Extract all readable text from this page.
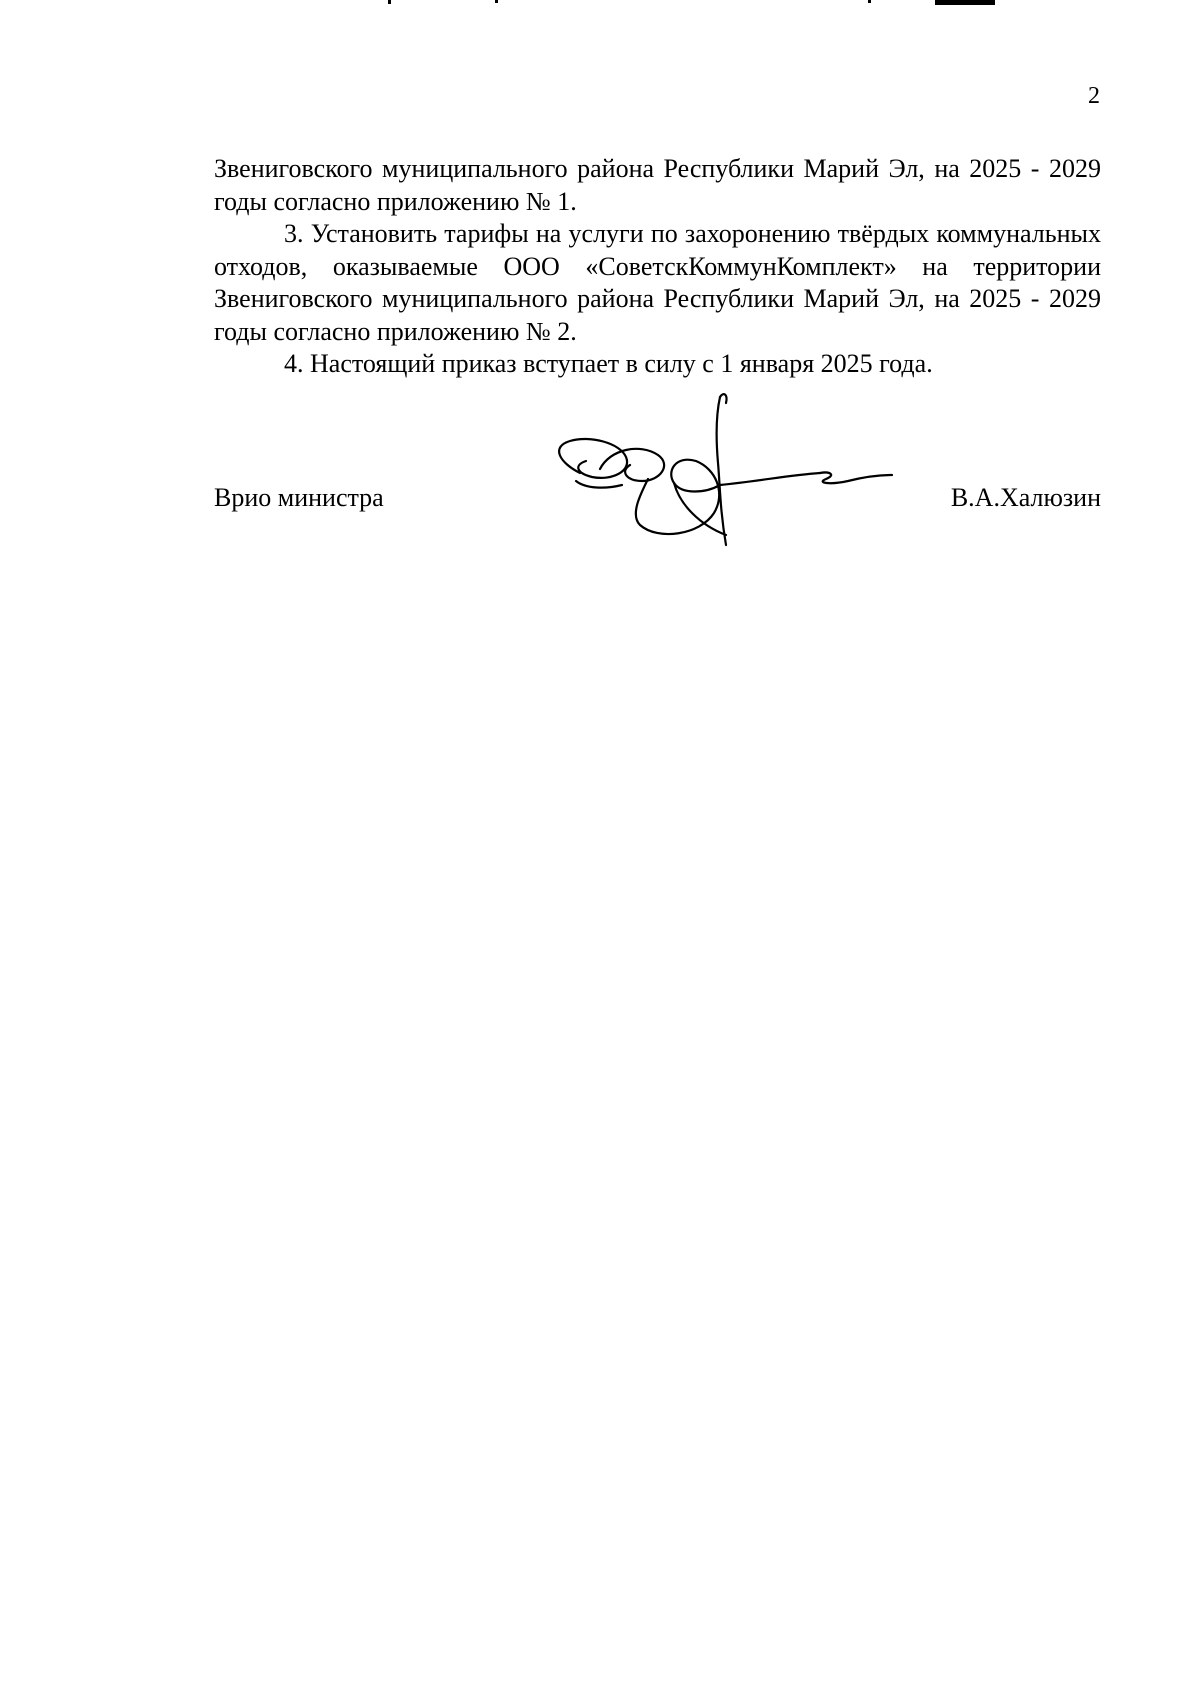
2

Звениговского муниципального района Республики Марий Эл, на 2025 - 2029 годы согласно приложению № 1.

3. Установить тарифы на услуги по захоронению твёрдых коммунальных отходов, оказываемые ООО «СоветскКоммунКомплект» на территории Звениговского муниципального района Республики Марий Эл, на 2025 - 2029 годы согласно приложению № 2.

4. Настоящий приказ вступает в силу с 1 января 2025 года.

Врио министра	В.А.Халюзин
